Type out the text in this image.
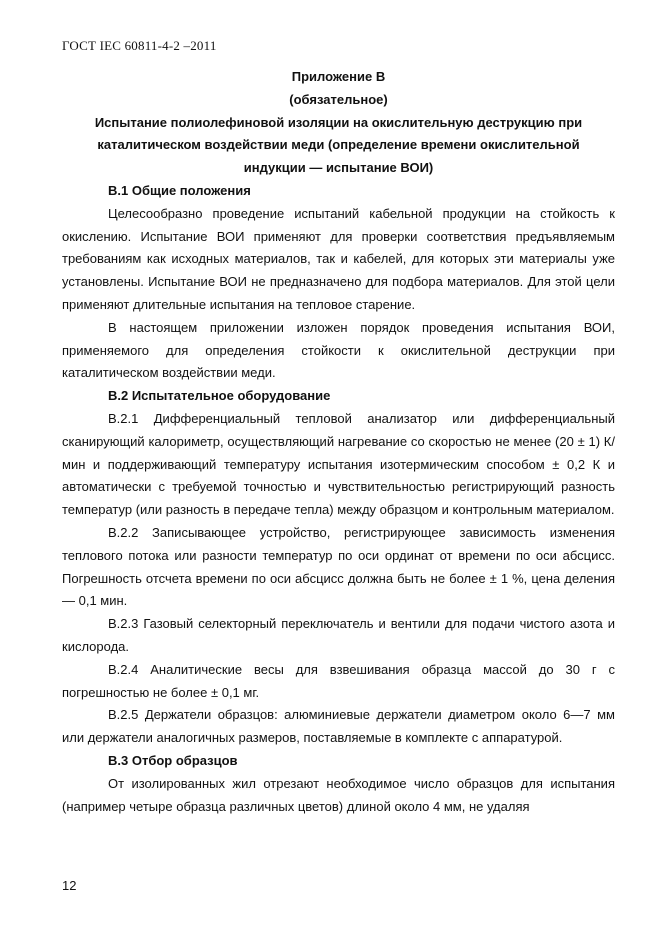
ГОСТ IEC 60811-4-2 –2011
Приложение В
(обязательное)
Испытание полиолефиновой изоляции на окислительную деструкцию при
каталитическом воздействии меди (определение времени окислительной
индукции — испытание ВОИ)
В.1 Общие положения

Целесообразно проведение испытаний кабельной продукции на стойкость к окислению. Испытание ВОИ применяют для проверки соответствия предъявляемым требованиям как исходных материалов, так и кабелей, для которых эти материалы уже установлены. Испытание ВОИ не предназначено для подбора материалов. Для этой цели применяют длительные испытания на тепловое старение.

В настоящем приложении изложен порядок проведения испытания ВОИ, применяемого для определения стойкости к окислительной деструкции при каталитическом воздействии меди.

В.2 Испытательное оборудование

В.2.1 Дифференциальный тепловой анализатор или дифференциальный сканирующий калориметр, осуществляющий нагревание со скоростью не менее (20 ± 1) К/мин и поддерживающий температуру испытания изотермическим способом ± 0,2 К и автоматически с требуемой точностью и чувствительностью регистрирующий разность температур (или разность в передаче тепла) между образцом и контрольным материалом.

В.2.2 Записывающее устройство, регистрирующее зависимость изменения теплового потока или разности температур по оси ординат от времени по оси абсцисс. Погрешность отсчета времени по оси абсцисс должна быть не более ± 1 %, цена деления — 0,1 мин.

В.2.3 Газовый селекторный переключатель и вентили для подачи чистого азота и кислорода.

В.2.4 Аналитические весы для взвешивания образца массой до 30 г с погрешностью не более ± 0,1 мг.

В.2.5 Держатели образцов: алюминиевые держатели диаметром около 6—7 мм или держатели аналогичных размеров, поставляемые в комплекте с аппаратурой.

В.3 Отбор образцов

От изолированных жил отрезают необходимое число образцов для испытания (например четыре образца различных цветов) длиной около 4 мм, не удаляя

12
